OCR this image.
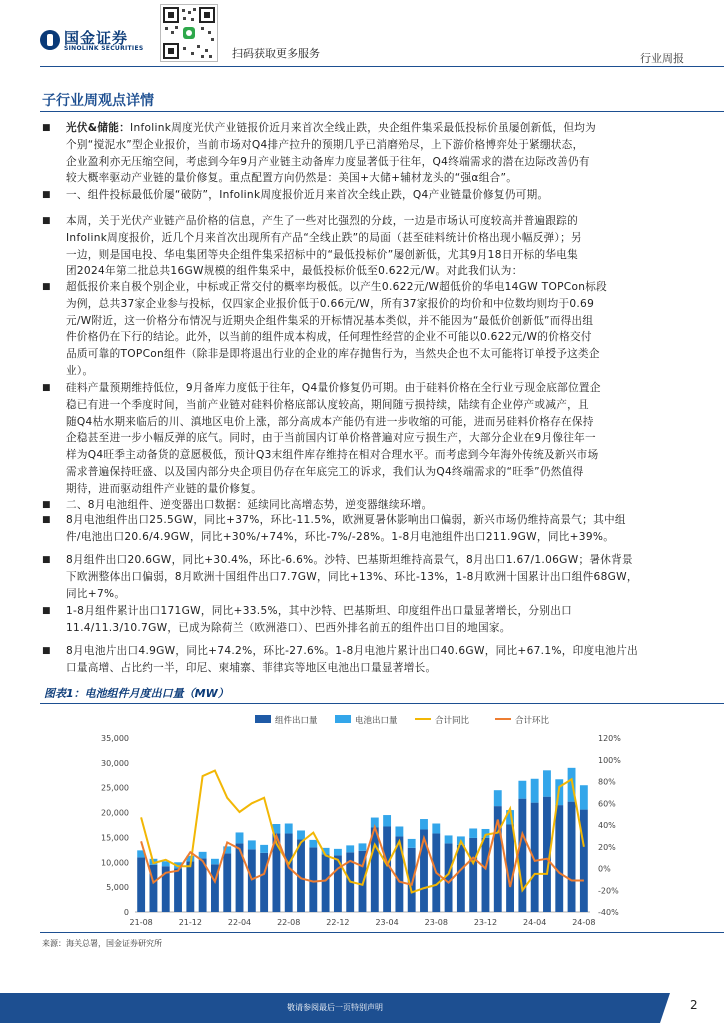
国金证券
SINOLINK SECURITIES	扫码获取更多服务	行业周报
子行业周观点详情
■ 光伏&储能：Infolink周度光伏产业链报价近月来首次全线止跌，央企组件集采最低投标价虽屡创新低，但均为
个别“搅泥水”型企业报价，当前市场对Q4排产拉升的预期几乎已消磨殆尽，上下游价格博弈处于紧绷状态，
企业盈利亦无压缩空间，考虑到今年9月产业链主动备库力度显著低于往年，Q4终端需求的潜在边际改善仍有
较大概率驱动产业链的量价修复。重点配置方向仍然是：美国+大储+辅材龙头的“强α组合”。
■ 一、组件投标最低价屡“破防”，Infolink周度报价近月来首次全线止跌，Q4产业链量价修复仍可期。
■ 本周，关于光伏产业链产品价格的信息，产生了一些对比强烈的分歧，一边是市场认可度较高并普遍跟踪的
Infolink周度报价，近几个月来首次出现所有产品“全线止跌”的局面（甚至硅料统计价格出现小幅反弹）；另
一边，则是国电投、华电集团等央企组件集采招标中的“最低投标价”屡创新低，尤其9月18日开标的华电集
团2024年第二批总共16GW规模的组件集采中，最低投标价低至0.622元/W。对此我们认为：
■ 超低报价来自极个别企业，中标或正常交付的概率均极低。以产生0.622元/W超低价的华电14GW TOPCon标段
为例，总共37家企业参与投标，仅四家企业报价低于0.66元/W，所有37家报价的均价和中位数均则均于0.69
元/W附近，这一价格分布情况与近期央企组件集采的开标情况基本类似，并不能因为“最低价创新低”而得出组
件价格仍在下行的结论。此外，以当前的组件成本构成，任何理性经营的企业不可能以0.622元/W的价格交付
品质可靠的TOPCon组件（除非是即将退出行业的企业的库存抛售行为，当然央企也不太可能将订单授予这类企
业）。
■ 硅料产量预期维持低位，9月备库力度低于往年，Q4量价修复仍可期。由于硅料价格在全行业亏现金底部位置企
稳已有进一个季度时间，当前产业链对硅料价格底部认度较高，期间随亏损持续，陆续有企业停产或减产，且
随Q4枯水期来临后的川、滇地区电价上涨，部分高成本产能仍有进一步收缩的可能，进而另硅料价格存在保持
企稳甚至进一步小幅反弹的底气。同时，由于当前国内订单价格普遍对应亏损生产，大部分企业在9月像往年一
样为Q4旺季主动备货的意愿极低，预计Q3末组件库存维持在相对合理水平。而考虑到今年海外传统及新兴市场
需求普遍保持旺盛、以及国内部分央企项目仍存在年底完工的诉求，我们认为Q4终端需求的“旺季”仍然值得
期待，进而驱动组件产业链的量价修复。
■ 二、8月电池组件、逆变器出口数据：延续同比高增态势，逆变器继续环增。
■ 8月电池组件出口25.5GW，同比+37%，环比-11.5%，欧洲夏暑休影响出口偏弱，新兴市场仍维持高景气；其中组
件/电池出口20.6/4.9GW，同比+30%/+74%，环比-7%/-28%。1-8月电池组件出口211.9GW，同比+39%。
■ 8月组件出口20.6GW，同比+30.4%，环比-6.6%。沙特、巴基斯坦维持高景气，8月出口1.67/1.06GW；暑休背景
下欧洲整体出口偏弱，8月欧洲十国组件出口7.7GW，同比+13%、环比-13%，1-8月欧洲十国累计出口组件68GW，
同比+7%。
■ 1-8月组件累计出口171GW，同比+33.5%，其中沙特、巴基斯坦、印度组件出口量显著增长，分别出口
11.4/11.3/10.7GW，已成为除荷兰（欧洲港口）、巴西外排名前五的组件出口目的地国家。
■ 8月电池片出口4.9GW，同比+74.2%，环比-27.6%。1-8月电池片累计出口40.6GW，同比+67.1%，印度电池片出
口量高增、占比约一半，印尼、柬埔寨、菲律宾等地区电池出口量显著增长。
图表1：电池组件月度出口量（MW）
0
5,000
10,000
15,000
20,000
25,000
30,000
35,000
-40%
-20%
0%
20%
40%
60%
80%
100%
120%
21-08	21-12	22-04	22-08	22-12	23-04	23-08	23-12	24-04	24-08
组件出口量	电池出口量	合计同比	合计环比
来源：海关总署，国金证券研究所
敬请参阅最后一页特别声明	2
